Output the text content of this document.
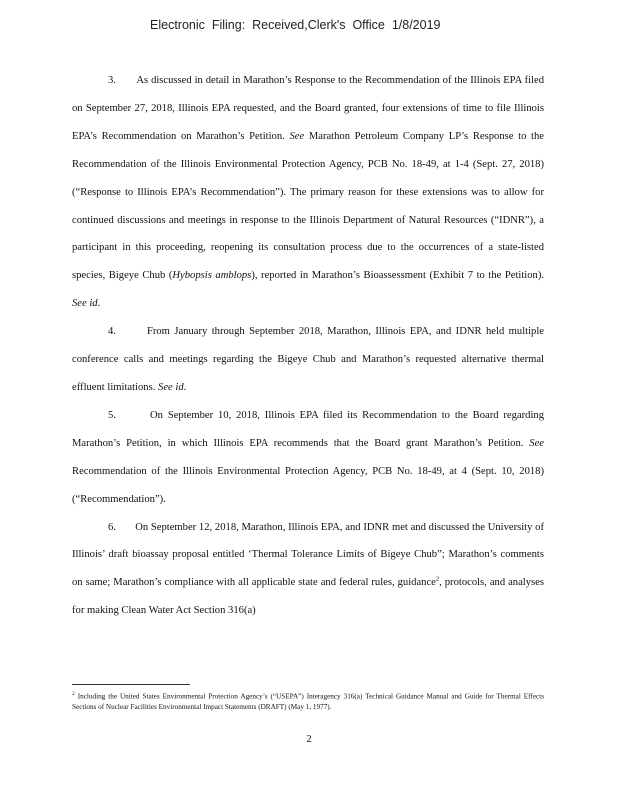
Electronic  Filing:  Received,Clerk's  Office  1/8/2019

3. As discussed in detail in Marathon’s Response to the Recommendation of the Illinois EPA filed on September 27, 2018, Illinois EPA requested, and the Board granted, four extensions of time to file Illinois EPA’s Recommendation on Marathon’s Petition. See Marathon Petroleum Company LP’s Response to the Recommendation of the Illinois Environmental Protection Agency, PCB No. 18-49, at 1-4 (Sept. 27, 2018) (“Response to Illinois EPA’s Recommendation”). The primary reason for these extensions was to allow for continued discussions and meetings in response to the Illinois Department of Natural Resources (“IDNR”), a participant in this proceeding, reopening its consultation process due to the occurrences of a state-listed species, Bigeye Chub (Hybopsis amblops), reported in Marathon’s Bioassessment (Exhibit 7 to the Petition). See id.

4.	From January through September 2018, Marathon, Illinois EPA, and IDNR held multiple conference calls and meetings regarding the Bigeye Chub and Marathon’s requested alternative thermal effluent limitations. See id.

5.	On September 10, 2018, Illinois EPA filed its Recommendation to the Board regarding Marathon’s Petition, in which Illinois EPA recommends that the Board grant Marathon’s Petition. See Recommendation of the Illinois Environmental Protection Agency, PCB No. 18-49, at 4 (Sept. 10, 2018) (“Recommendation”).

6. On September 12, 2018, Marathon, Illinois EPA, and IDNR met and discussed the University of Illinois’ draft bioassay proposal entitled ‘Thermal Tolerance Limits of Bigeye Chub”; Marathon’s comments on same; Marathon’s compliance with all applicable state and federal rules, guidance$^2$, protocols, and analyses for making Clean Water Act Section 316(a)

$^2$ Including the United States Environmental Protection Agency’s (“USEPA”) Interagency 316(a) Technical Guidance Manual and Guide for Thermal Effects Sections of Nuclear Facilities Environmental Impact Statements (DRAFT) (May 1, 1977).
2
